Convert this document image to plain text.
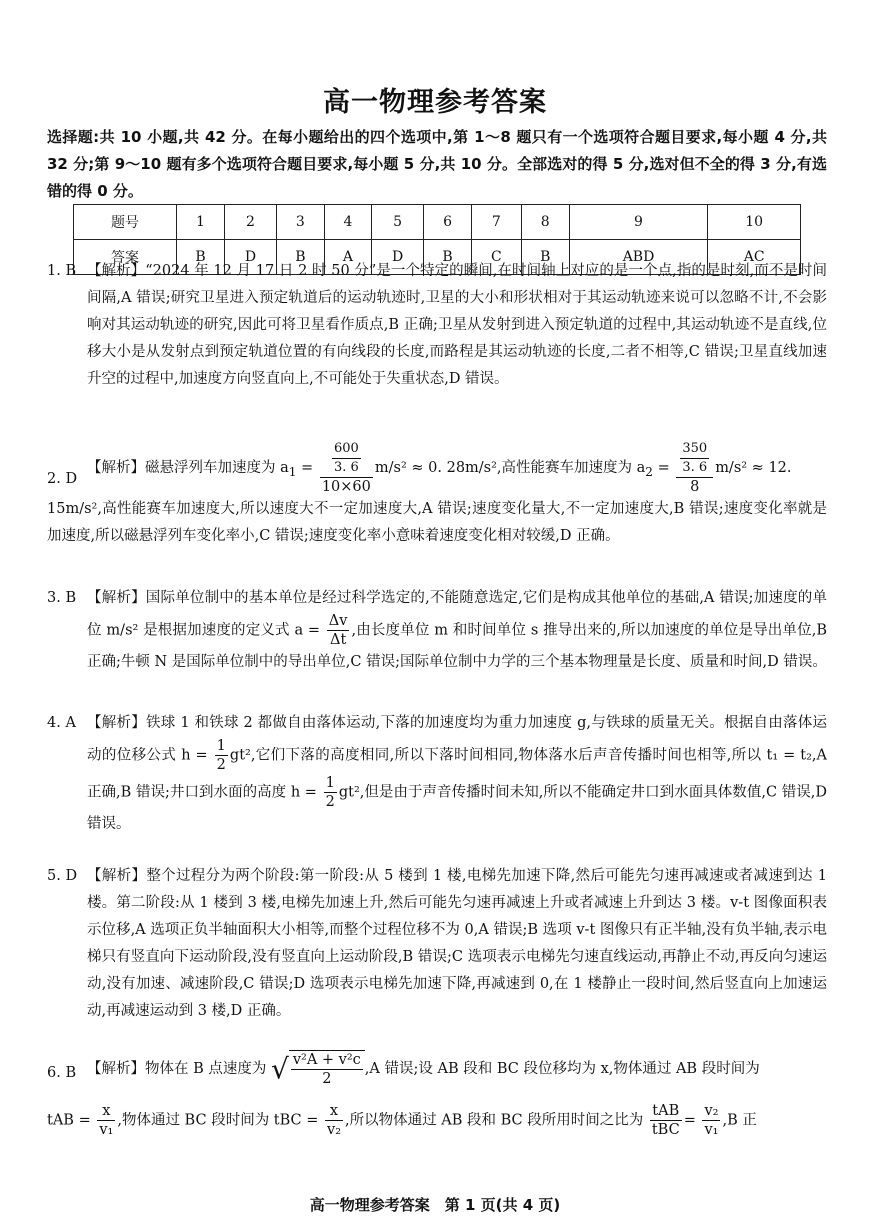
高一物理参考答案
选择题:共 10 小题,共 42 分。在每小题给出的四个选项中,第 1～8 题只有一个选项符合题目要求,每小题 4 分,共 32 分;第 9～10 题有多个选项符合题目要求,每小题 5 分,共 10 分。全部选对的得 5 分,选对但不全的得 3 分,有选错的得 0 分。
题号	1	2	3	4	5	6	7	8	9	10
答案	B	D	B	A	D	B	C	B	ABD	AC
1. B 【解析】“2024 年 12 月 17 日 2 时 50 分”是一个特定的瞬间,在时间轴上对应的是一个点,指的是时刻,而不是时间间隔,A 错误;研究卫星进入预定轨道后的运动轨迹时,卫星的大小和形状相对于其运动轨迹来说可以忽略不计,不会影响对其运动轨迹的研究,因此可将卫星看作质点,B 正确;卫星从发射到进入预定轨道的过程中,其运动轨迹不是直线,位移大小是从发射点到预定轨道位置的有向线段的长度,而路程是其运动轨迹的长度,二者不相等,C 错误;卫星直线加速升空的过程中,加速度方向竖直向上,不可能处于失重状态,D 错误。
2. D
【解析】磁悬浮列车加速度为 $a_1 = \frac{\frac{600}{3. 6}}{10\times 60} m/s^2 \approx 0$. 28m/s²,高性能赛车加速度为 $a_2 = \frac{\frac{350}{3. 6}}{8} m/s^2 \approx 12$.
15m/s²,高性能赛车加速度大,所以速度大不一定加速度大,A 错误;速度变化量大,不一定加速度大,B 错误;速度变化率就是加速度,所以磁悬浮列车变化率小,C 错误;速度变化率小意味着速度变化相对较缓,D 正确。
3. B 【解析】国际单位制中的基本单位是经过科学选定的,不能随意选定,它们是构成其他单位的基础,A 错误;加速度的单位 m/s² 是根据加速度的定义式 $a = \frac{\Delta v}{\Delta t}$ ,由长度单位 m 和时间单位 s 推导出来的,所以加速度的单位是导出单位,B 正确;牛顿 N 是国际单位制中的导出单位,C 错误;国际单位制中力学的三个基本物理量是长度、质量和时间,D 错误。
4. A 【解析】铁球 1 和铁球 2 都做自由落体运动,下落的加速度均为重力加速度 g,与铁球的质量无关。根据自由落体运动的位移公式 $h = \frac{1}{2} gt^2$,它们下落的高度相同,所以下落时间相同,物体落水后声音传播时间也相等,所以 t₁ = t₂,A 正确,B 错误;井口到水面的高度 $h = \frac{1}{2} gt^2$,但是由于声音传播时间未知,所以不能确定井口到水面具体数值,C 错误,D 错误。
5. D 【解析】整个过程分为两个阶段:第一阶段:从 5 楼到 1 楼,电梯先加速下降,然后可能先匀速再减速或者减速到达 1 楼。第二阶段:从 1 楼到 3 楼,电梯先加速上升,然后可能先匀速再减速上升或者减速上升到达 3 楼。v-t 图像面积表示位移,A 选项正负半轴面积大小相等,而整个过程位移不为 0,A 错误;B 选项 v-t 图像只有正半轴,没有负半轴,表示电梯只有竖直向下运动阶段,没有竖直向上运动阶段,B 错误;C 选项表示电梯先匀速直线运动,再静止不动,再反向匀速运动,没有加速、减速阶段,C 错误;D 选项表示电梯先加速下降,再减速到 0,在 1 楼静止一段时间,然后竖直向上加速运动,再减速运动到 3 楼,D 正确。
6. B 【解析】物体在 B 点速度为 √ $\frac{\text{v²A + v²c}}{2} ,A$ 错误;设 AB 段和 BC 段位移均为 x,物体通过 AB 段时间为
tAB = $\frac{x}{\text{v₁}}$ ,物体通过 BC 段时间为 tBC = $\frac{x}{\text{v₂}}$ ,所以物体通过 AB 段和 BC 段所用时间之比为 $\frac{\text{tAB}}{\text{tBC}} = \frac{\text{v₂}}{\text{v₁}} ,B$ 正
高一物理参考答案　第 1 页(共 4 页)
